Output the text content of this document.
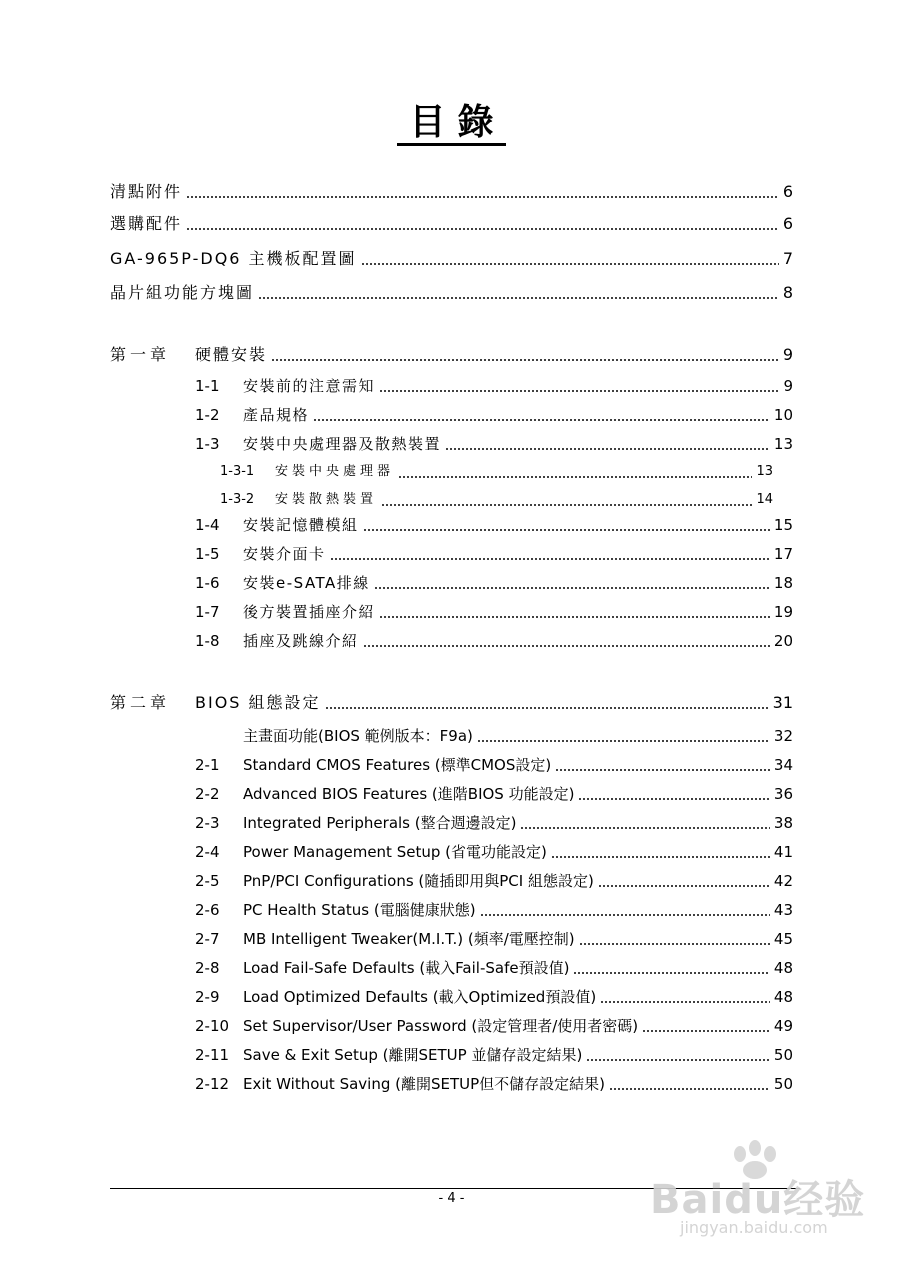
目錄
清點附件	6
選購配件	6
GA-965P-DQ6 主機板配置圖	7
晶片組功能方塊圖	8
第一章	硬體安裝	9
1-1	安裝前的注意需知	9
1-2	產品規格	10
1-3	安裝中央處理器及散熱裝置	13
1-3-1	安裝中央處理器	13
1-3-2	安裝散熱裝置	14
1-4	安裝記憶體模組	15
1-5	安裝介面卡	17
1-6	安裝e-SATA排線	18
1-7	後方裝置插座介紹	19
1-8	插座及跳線介紹	20
第二章	BIOS 組態設定	31
主畫面功能(BIOS 範例版本：F9a)	32
2-1	Standard CMOS Features (標準CMOS設定)	34
2-2	Advanced BIOS Features (進階BIOS 功能設定)	36
2-3	Integrated Peripherals (整合週邊設定)	38
2-4	Power Management Setup (省電功能設定)	41
2-5	PnP/PCI Configurations (隨插即用與PCI 組態設定)	42
2-6	PC Health Status (電腦健康狀態)	43
2-7	MB Intelligent Tweaker(M.I.T.) (頻率/電壓控制)	45
2-8	Load Fail-Safe Defaults (載入Fail-Safe預設值)	48
2-9	Load Optimized Defaults (載入Optimized預設值)	48
2-10 Set Supervisor/User Password (設定管理者/使用者密碼)	49
2-11 Save & Exit Setup (離開SETUP 並儲存設定結果)	50
2-12 Exit Without Saving (離開SETUP但不儲存設定結果)	50
- 4 -	Baidu经验
jingyan.baidu.com
